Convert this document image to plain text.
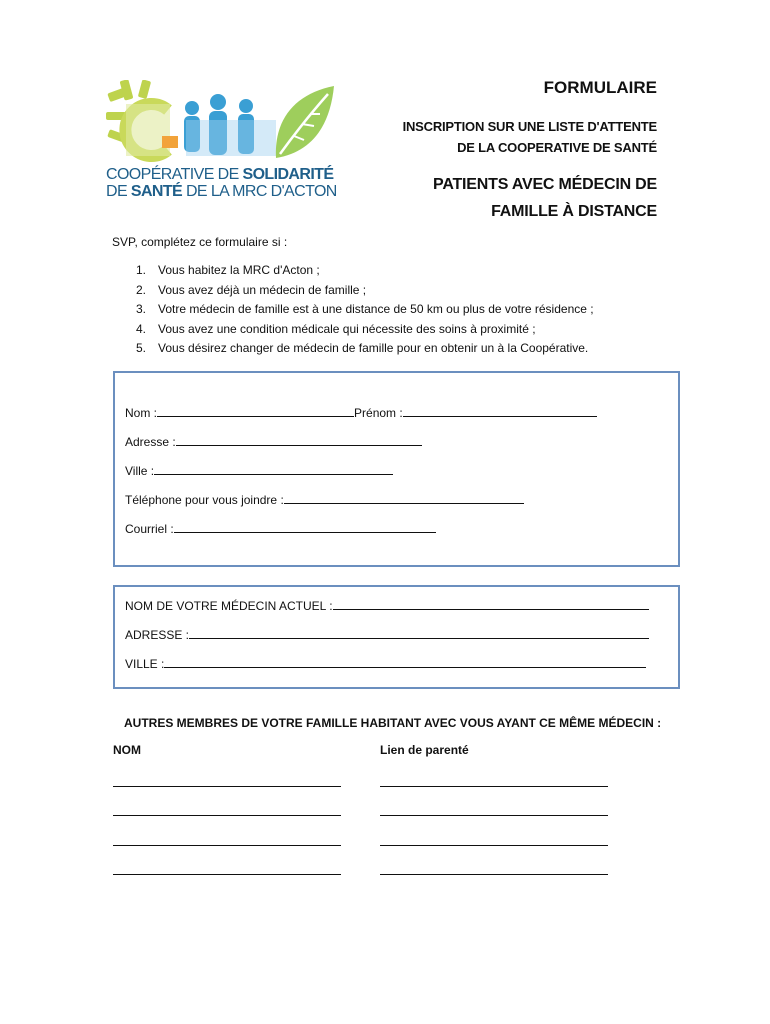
COOPÉRATIVE DE SOLIDARITÉ
DE SANTÉ DE LA MRC D'ACTON
FORMULAIRE
INSCRIPTION SUR UNE LISTE D'ATTENTE
DE LA COOPERATIVE DE SANTÉ
PATIENTS AVEC MÉDECIN DE
FAMILLE À DISTANCE
SVP, complétez ce formulaire si :
1. Vous habitez la MRC d'Acton ;
2. Vous avez déjà un médecin de famille ;
3. Votre médecin de famille est à une distance de 50 km ou plus de votre résidence ;
4. Vous avez une condition médicale qui nécessite des soins à proximité ;
5. Vous désirez changer de médecin de famille pour en obtenir un à la Coopérative.
Nom :	Prénom :
Adresse :
Ville :
Téléphone pour vous joindre :
Courriel :
NOM DE VOTRE MÉDECIN ACTUEL :
ADRESSE :
VILLE :
AUTRES MEMBRES DE VOTRE FAMILLE HABITANT AVEC VOUS AYANT CE MÊME MÉDECIN :
NOM	Lien de parenté
